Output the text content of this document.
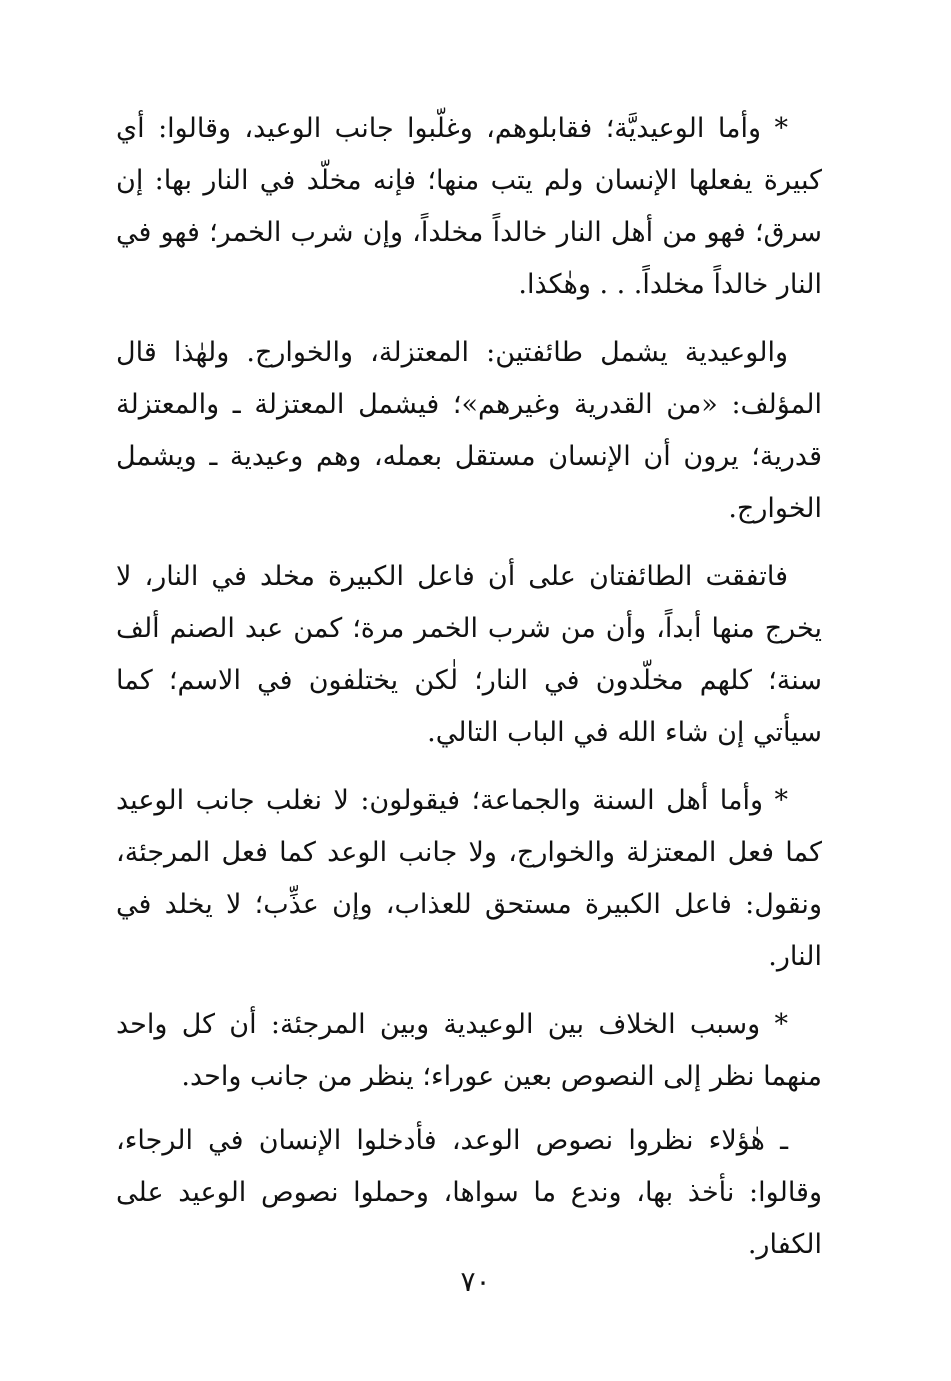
* وأما الوعيديَّة؛ فقابلوهم، وغلّبوا جانب الوعيد، وقالوا: أي كبيرة يفعلها الإنسان ولم يتب منها؛ فإنه مخلّد في النار بها: إن سرق؛ فهو من أهل النار خالداً مخلداً، وإن شرب الخمر؛ فهو في النار خالداً مخلداً. . . وهٰكذا.

والوعيدية يشمل طائفتين: المعتزلة، والخوارج. ولهٰذا قال المؤلف: «من القدرية وغيرهم»؛ فيشمل المعتزلة ـ والمعتزلة قدرية؛ يرون أن الإنسان مستقل بعمله، وهم وعيدية ـ ويشمل الخوارج.

فاتفقت الطائفتان على أن فاعل الكبيرة مخلد في النار، لا يخرج منها أبداً، وأن من شرب الخمر مرة؛ كمن عبد الصنم ألف سنة؛ كلهم مخلّدون في النار؛ لٰكن يختلفون في الاسم؛ كما سيأتي إن شاء الله في الباب التالي.

* وأما أهل السنة والجماعة؛ فيقولون: لا نغلب جانب الوعيد كما فعل المعتزلة والخوارج، ولا جانب الوعد كما فعل المرجئة، ونقول: فاعل الكبيرة مستحق للعذاب، وإن عذِّب؛ لا يخلد في النار.

* وسبب الخلاف بين الوعيدية وبين المرجئة: أن كل واحد منهما نظر إلى النصوص بعين عوراء؛ ينظر من جانب واحد.

ـ هٰؤلاء نظروا نصوص الوعد، فأدخلوا الإنسان في الرجاء، وقالوا: نأخذ بها، وندع ما سواها، وحملوا نصوص الوعيد على الكفار.

٧٠
